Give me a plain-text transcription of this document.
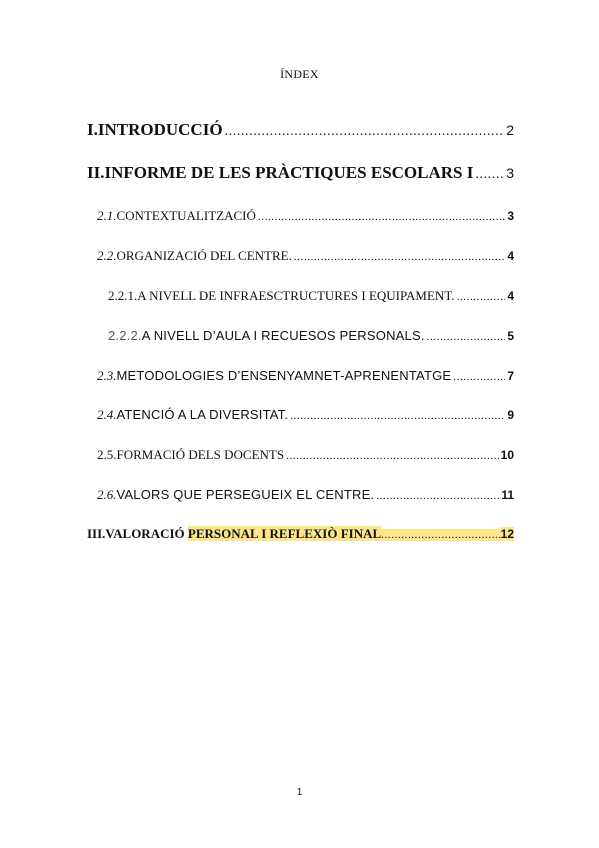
ÍNDEX
I.INTRODUCCIÓ .....	2
II.INFORME DE LES PRÀCTIQUES ESCOLARS I ..... 3
2.1.CONTEXTUALITZACIÓ .....	3
2.2.ORGANIZACIÓ DEL CENTRE. .....	4
2.2.1.A NIVELL DE INFRAESCTRUCTURES I EQUIPAMENT. .....	4
2.2.2.A NIVELL D’AULA I RECUESOS PERSONALS. .....	5
2.3.METODOLOGIES D’ENSENYAMNET-APRENENTATGE .....	7
2.4.ATENCIÓ A LA DIVERSITAT. .....	9
2.5.FORMACIÓ DELS DOCENTS .....	10
2.6.VALORS QUE PERSEGUEIX EL CENTRE. .....	11
III.VALORACIÓ PERSONAL I REFLEXIÒ FINAL .....	12
1
